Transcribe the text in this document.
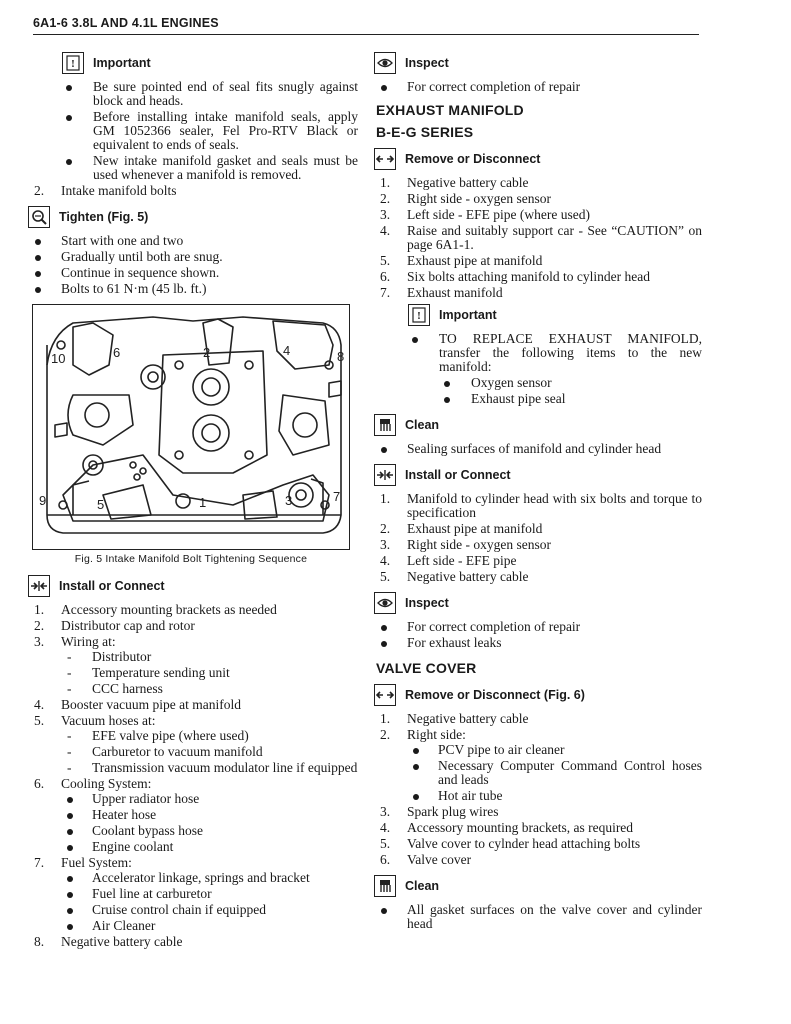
6A1-6 3.8L AND 4.1L ENGINES
! Important
Be sure pointed end of seal fits snugly against block and heads.
Before installing intake manifold seals, apply GM 1052366 sealer, Fel Pro-RTV Black or equivalent to ends of seals.
New intake manifold gasket and seals must be used whenever a manifold is removed.
2. Intake manifold bolts
Tighten (Fig. 5)
Start with one and two
Gradually until both are snug.
Continue in sequence shown.
Bolts to 61 N·m (45 lb. ft.)
10	6	2	4	8
9	5	1	3	7
Fig. 5 Intake Manifold Bolt Tightening Sequence
Install or Connect
1. Accessory mounting brackets as needed
2. Distributor cap and rotor
3. Wiring at:
- Distributor
- Temperature sending unit
- CCC harness
4. Booster vacuum pipe at manifold
5. Vacuum hoses at:
- EFE valve pipe (where used)
- Carburetor to vacuum manifold
- Transmission vacuum modulator line if equipped
6. Cooling System:
Upper radiator hose
Heater hose
Coolant bypass hose
Engine coolant
7. Fuel System:
Accelerator linkage, springs and bracket
Fuel line at carburetor
Cruise control chain if equipped
Air Cleaner
8. Negative battery cable
Inspect
For correct completion of repair
EXHAUST MANIFOLD
B-E-G SERIES
Remove or Disconnect
1. Negative battery cable
2. Right side - oxygen sensor
3. Left side - EFE pipe (where used)
4. Raise and suitably support car - See “CAUTION” on page 6A1-1.
5. Exhaust pipe at manifold
6. Six bolts attaching manifold to cylinder head
7. Exhaust manifold
! Important
TO REPLACE EXHAUST MANIFOLD, transfer the following items to the new manifold:
Oxygen sensor
Exhaust pipe seal
Clean
Sealing surfaces of manifold and cylinder head
Install or Connect
1. Manifold to cylinder head with six bolts and torque to specification
2. Exhaust pipe at manifold
3. Right side - oxygen sensor
4. Left side - EFE pipe
5. Negative battery cable
Inspect
For correct completion of repair
For exhaust leaks
VALVE COVER
Remove or Disconnect (Fig. 6)
1. Negative battery cable
2. Right side:
PCV pipe to air cleaner
Necessary Computer Command Control hoses and leads
Hot air tube
3. Spark plug wires
4. Accessory mounting brackets, as required
5. Valve cover to cylnder head attaching bolts
6. Valve cover
Clean
All gasket surfaces on the valve cover and cylinder head
